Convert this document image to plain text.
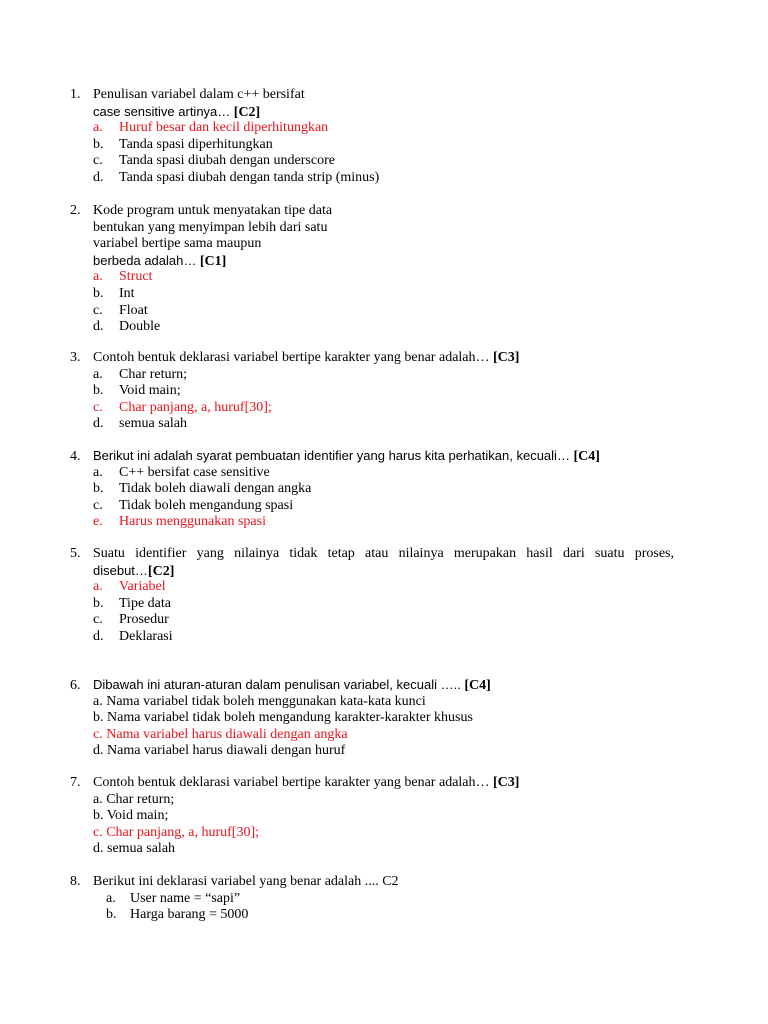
1. Penulisan variabel dalam c++ bersifat
case sensitive artinya… [C2]
a. Huruf besar dan kecil diperhitungkan
b. Tanda spasi diperhitungkan
c. Tanda spasi diubah dengan underscore
d. Tanda spasi diubah dengan tanda strip (minus)
2. Kode program untuk menyatakan tipe data
bentukan yang menyimpan lebih dari satu
variabel bertipe sama maupun
berbeda adalah… [C1]
a. Struct
b. Int
c. Float
d. Double
3. Contoh bentuk deklarasi variabel bertipe karakter yang benar adalah… [C3]
a. Char return;
b. Void main;
c. Char panjang, a, huruf[30];
d. semua salah
4. Berikut ini adalah syarat pembuatan identifier yang harus kita perhatikan, kecuali… [C4]
a. C++ bersifat case sensitive
b. Tidak boleh diawali dengan angka
c. Tidak boleh mengandung spasi
e. Harus menggunakan spasi
5. Suatu identifier yang nilainya tidak tetap atau nilainya merupakan hasil dari suatu proses,
disebut…[C2]
a. Variabel
b. Tipe data
c. Prosedur
d. Deklarasi
6. Dibawah ini aturan-aturan dalam penulisan variabel, kecuali ….. [C4]
a. Nama variabel tidak boleh menggunakan kata-kata kunci
b. Nama variabel tidak boleh mengandung karakter-karakter khusus
c. Nama variabel harus diawali dengan angka
d. Nama variabel harus diawali dengan huruf
7. Contoh bentuk deklarasi variabel bertipe karakter yang benar adalah… [C3]
a. Char return;
b. Void main;
c. Char panjang, a, huruf[30];
d. semua salah
8. Berikut ini deklarasi variabel yang benar adalah .... C2
a. User name = “sapi”
b. Harga barang = 5000
